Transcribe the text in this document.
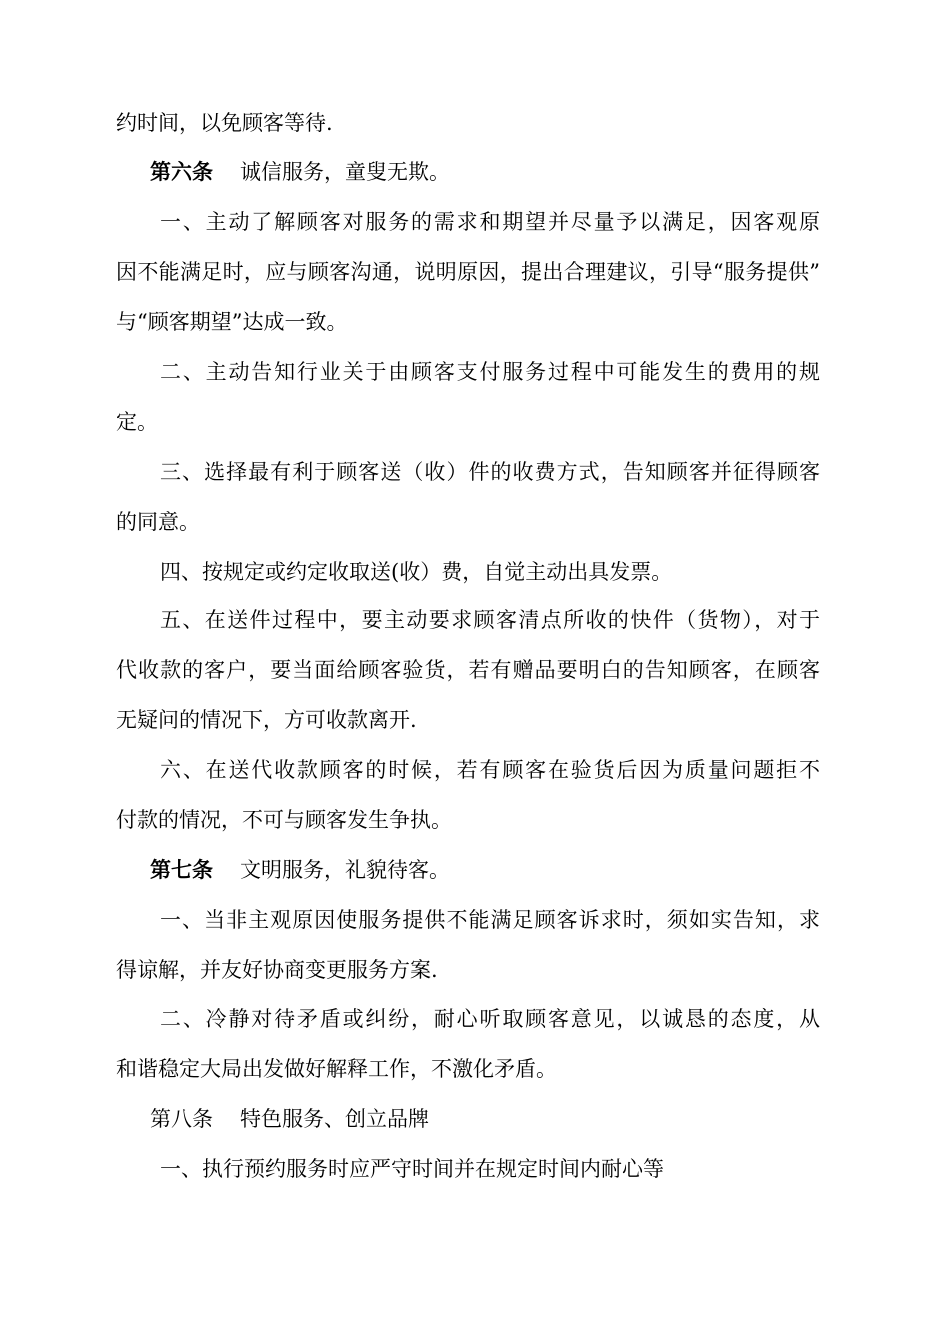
约时间，以免顾客等待.
第六条 诚信服务，童叟无欺。
一、主动了解顾客对服务的需求和期望并尽量予以满足，因客观原
因不能满足时，应与顾客沟通，说明原因，提出合理建议，引导“服务提供”
与“顾客期望”达成一致。
二、主动告知行业关于由顾客支付服务过程中可能发生的费用的规
定。
三、选择最有利于顾客送（收）件的收费方式，告知顾客并征得顾客
的同意。
四、按规定或约定收取送(收）费，自觉主动出具发票。
五、在送件过程中，要主动要求顾客清点所收的快件（货物），对于
代收款的客户，要当面给顾客验货，若有赠品要明白的告知顾客，在顾客
无疑问的情况下，方可收款离开.
六、在送代收款顾客的时候，若有顾客在验货后因为质量问题拒不
付款的情况，不可与顾客发生争执。
第七条 文明服务，礼貌待客。
一、当非主观原因使服务提供不能满足顾客诉求时，须如实告知，求
得谅解，并友好协商变更服务方案.
二、冷静对待矛盾或纠纷，耐心听取顾客意见，以诚恳的态度，从
和谐稳定大局出发做好解释工作，不激化矛盾。
第八条 特色服务、创立品牌
一、执行预约服务时应严守时间并在规定时间内耐心等
